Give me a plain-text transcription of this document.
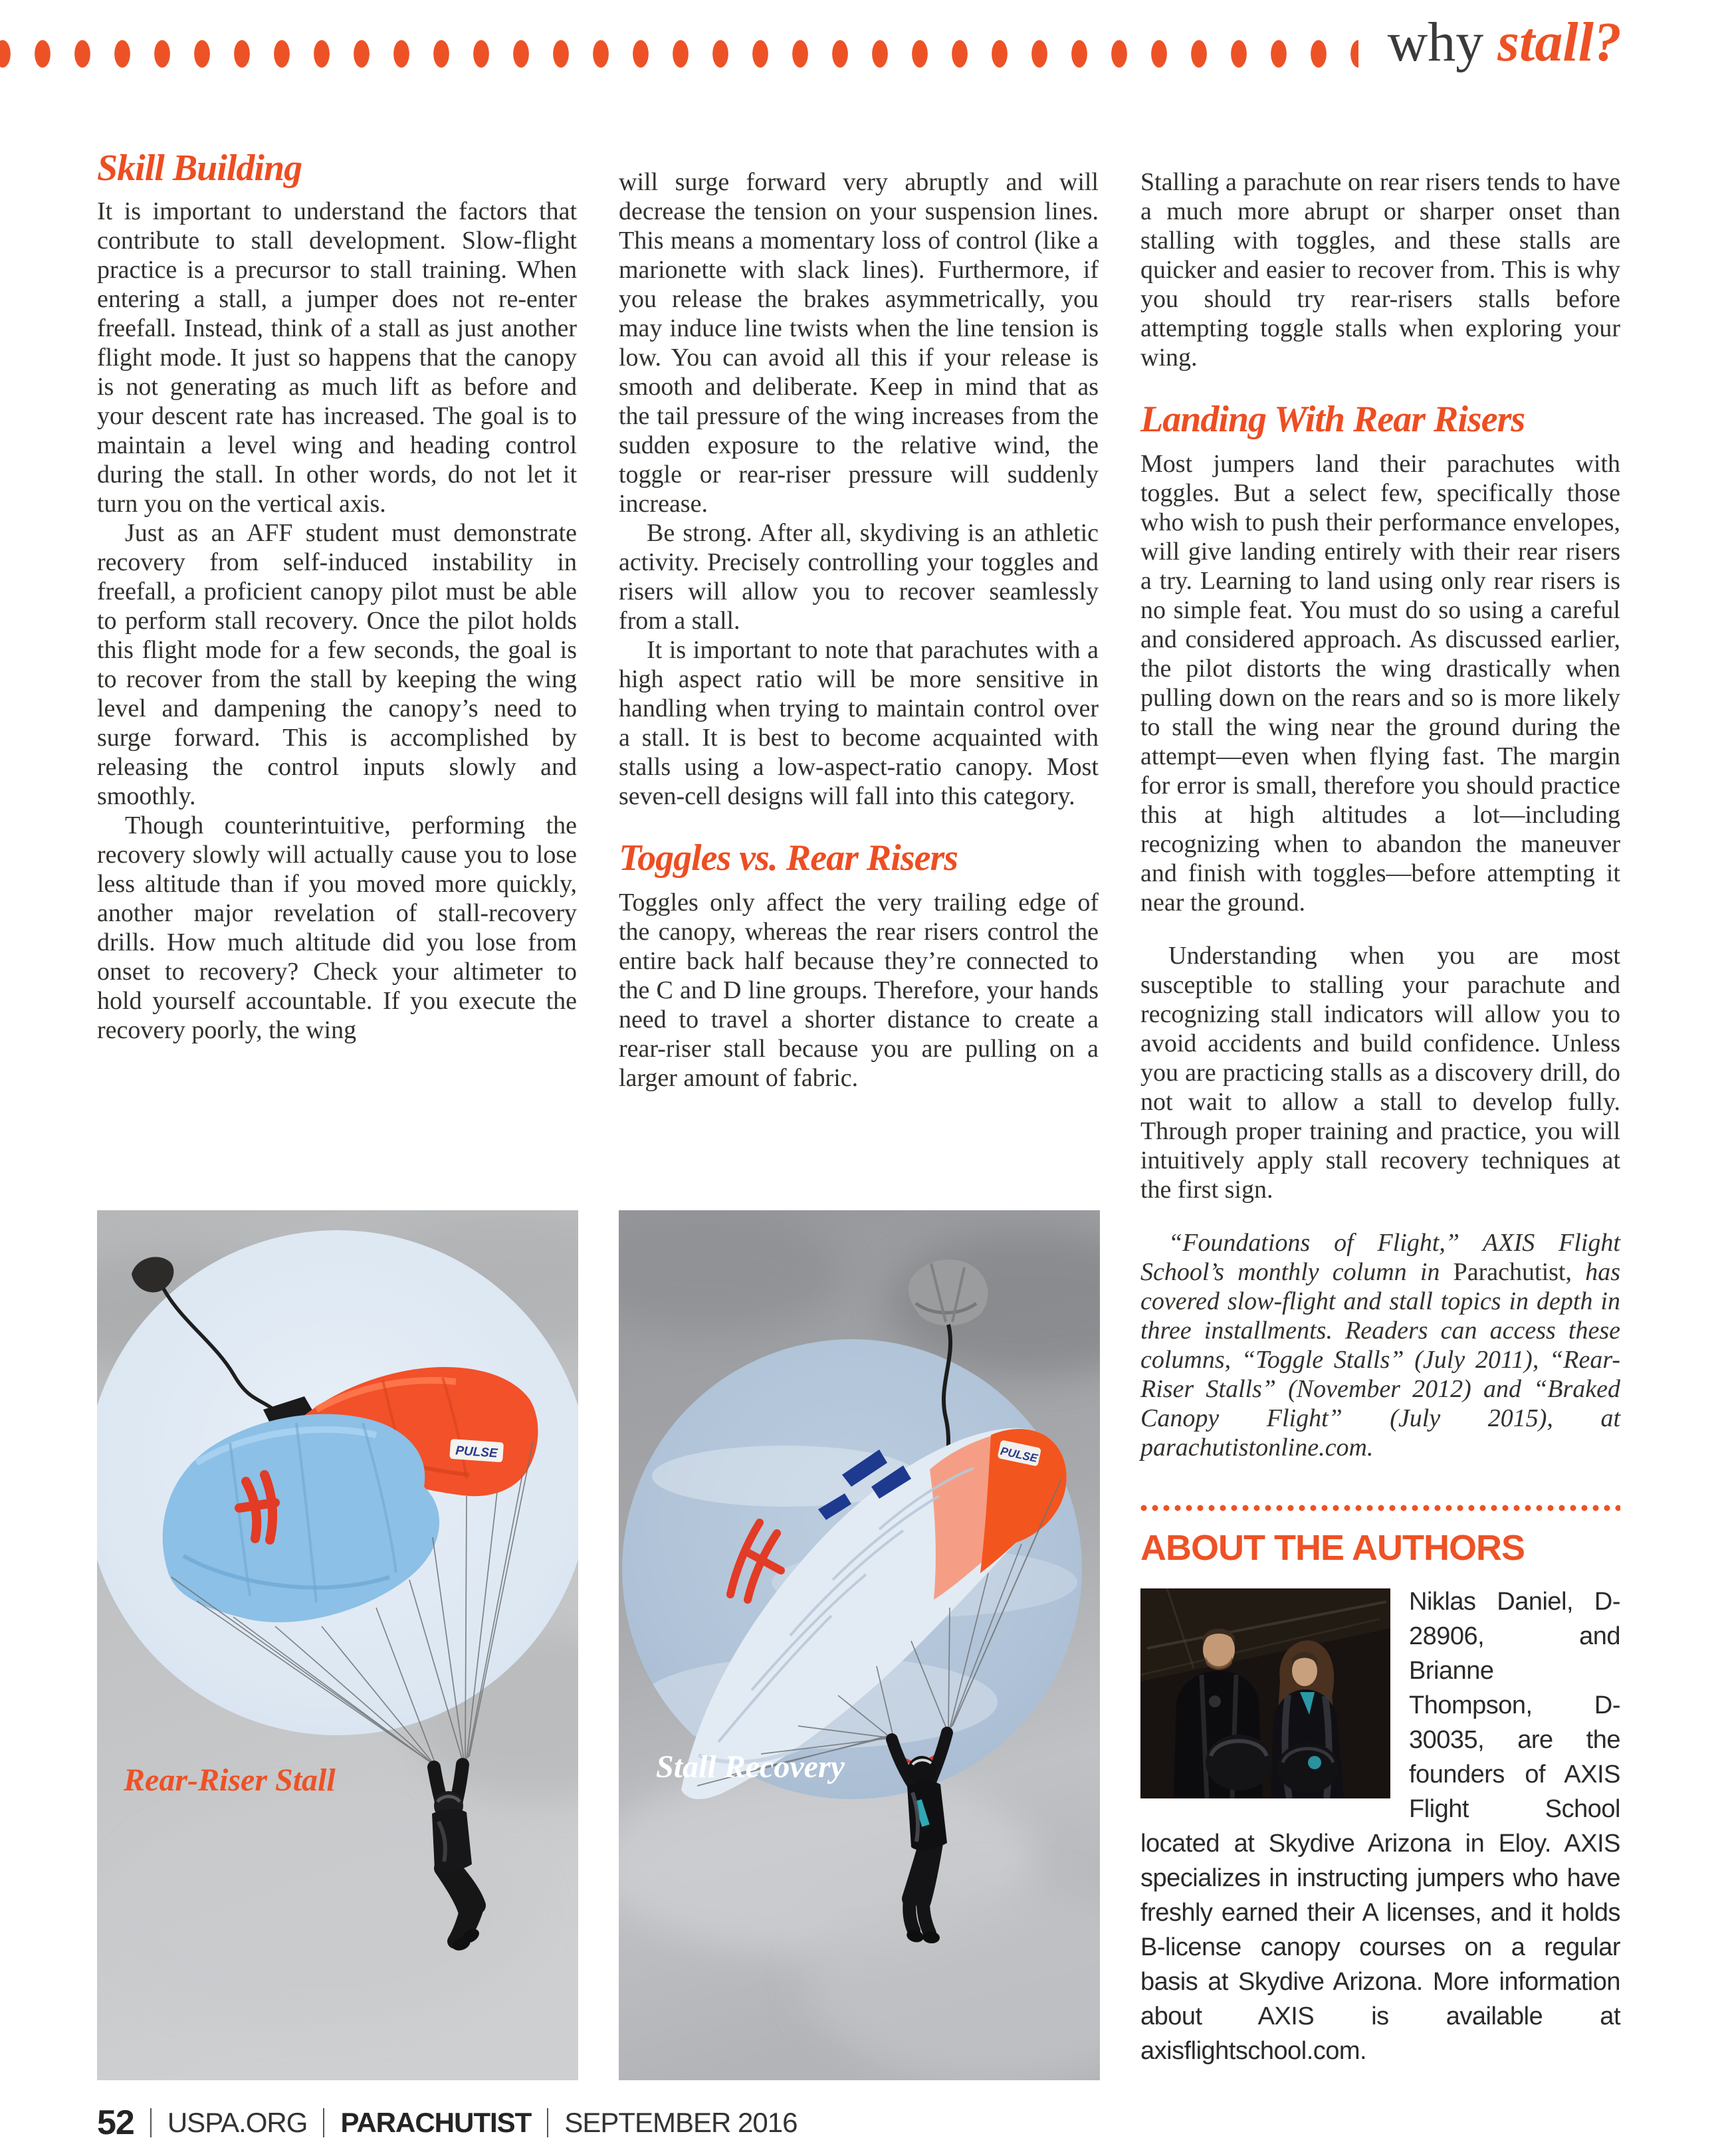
why stall?
Skill Building

It is important to understand the factors that contribute to stall development. Slow-flight practice is a precursor to stall training. When entering a stall, a jumper does not re-enter freefall. Instead, think of a stall as just another flight mode. It just so happens that the canopy is not generating as much lift as before and your descent rate has increased. The goal is to maintain a level wing and heading control during the stall. In other words, do not let it turn you on the vertical axis.

Just as an AFF student must demonstrate recovery from self-induced instability in freefall, a proficient canopy pilot must be able to perform stall recovery. Once the pilot holds this flight mode for a few seconds, the goal is to recover from the stall by keeping the wing level and dampening the canopy’s need to surge forward. This is accomplished by releasing the control inputs slowly and smoothly.

Though counterintuitive, performing the recovery slowly will actually cause you to lose less altitude than if you moved more quickly, another major revelation of stall-recovery drills. How much altitude did you lose from onset to recovery? Check your altimeter to hold yourself accountable. If you execute the recovery poorly, the wing

will surge forward very abruptly and will decrease the tension on your suspension lines. This means a momentary loss of control (like a marionette with slack lines). Furthermore, if you release the brakes asymmetrically, you may induce line twists when the line tension is low. You can avoid all this if your release is smooth and deliberate. Keep in mind that as the tail pressure of the wing increases from the sudden exposure to the relative wind, the toggle or rear-riser pressure will suddenly increase.

Be strong. After all, skydiving is an athletic activity. Precisely controlling your toggles and risers will allow you to recover seamlessly from a stall.

It is important to note that parachutes with a high aspect ratio will be more sensitive in handling when trying to maintain control over a stall. It is best to become acquainted with stalls using a low-aspect-ratio canopy. Most seven-cell designs will fall into this category.

Toggles vs. Rear Risers

Toggles only affect the very trailing edge of the canopy, whereas the rear risers control the entire back half because they’re connected to the C and D line groups. Therefore, your hands need to travel a shorter distance to create a rear-riser stall because you are pulling on a larger amount of fabric.

Stalling a parachute on rear risers tends to have a much more abrupt or sharper onset than stalling with toggles, and these stalls are quicker and easier to recover from. This is why you should try rear-risers stalls before attempting toggle stalls when exploring your wing.

Landing With Rear Risers

Most jumpers land their parachutes with toggles. But a select few, specifically those who wish to push their performance envelopes, will give landing entirely with their rear risers a try. Learning to land using only rear risers is no simple feat. You must do so using a careful and considered approach. As discussed earlier, the pilot distorts the wing drastically when pulling down on the rears and so is more likely to stall the wing near the ground during the attempt—even when flying fast. The margin for error is small, therefore you should practice this at high altitudes a lot—including recognizing when to abandon the maneuver and finish with toggles—before attempting it near the ground.

Understanding when you are most susceptible to stalling your parachute and recognizing stall indicators will allow you to avoid accidents and build confidence. Unless you are practicing stalls as a discovery drill, do not wait to allow a stall to develop fully. Through proper training and practice, you will intuitively apply stall recovery techniques at the first sign.

“Foundations of Flight,” AXIS Flight School’s monthly column in Parachutist, has covered slow-flight and stall topics in depth in three installments. Readers can access these columns, “Toggle Stalls” (July 2011), “Rear-Riser Stalls” (November 2012) and “Braked Canopy Flight” (July 2015), at parachutistonline.com.

ABOUT THE AUTHORS
Niklas Daniel, D-28906, and Brianne Thompson, D-30035, are the founders of AXIS Flight School located at Skydive Arizona in Eloy. AXIS specializes in instructing jumpers who have freshly earned their A licenses, and it holds B-license canopy courses on a regular basis at Skydive Arizona. More information about AXIS is available at axisflightschool.com.
PULSE
Rear-Riser Stall
PULSE
Stall Recovery
52 USPA.ORG PARACHUTIST SEPTEMBER 2016
